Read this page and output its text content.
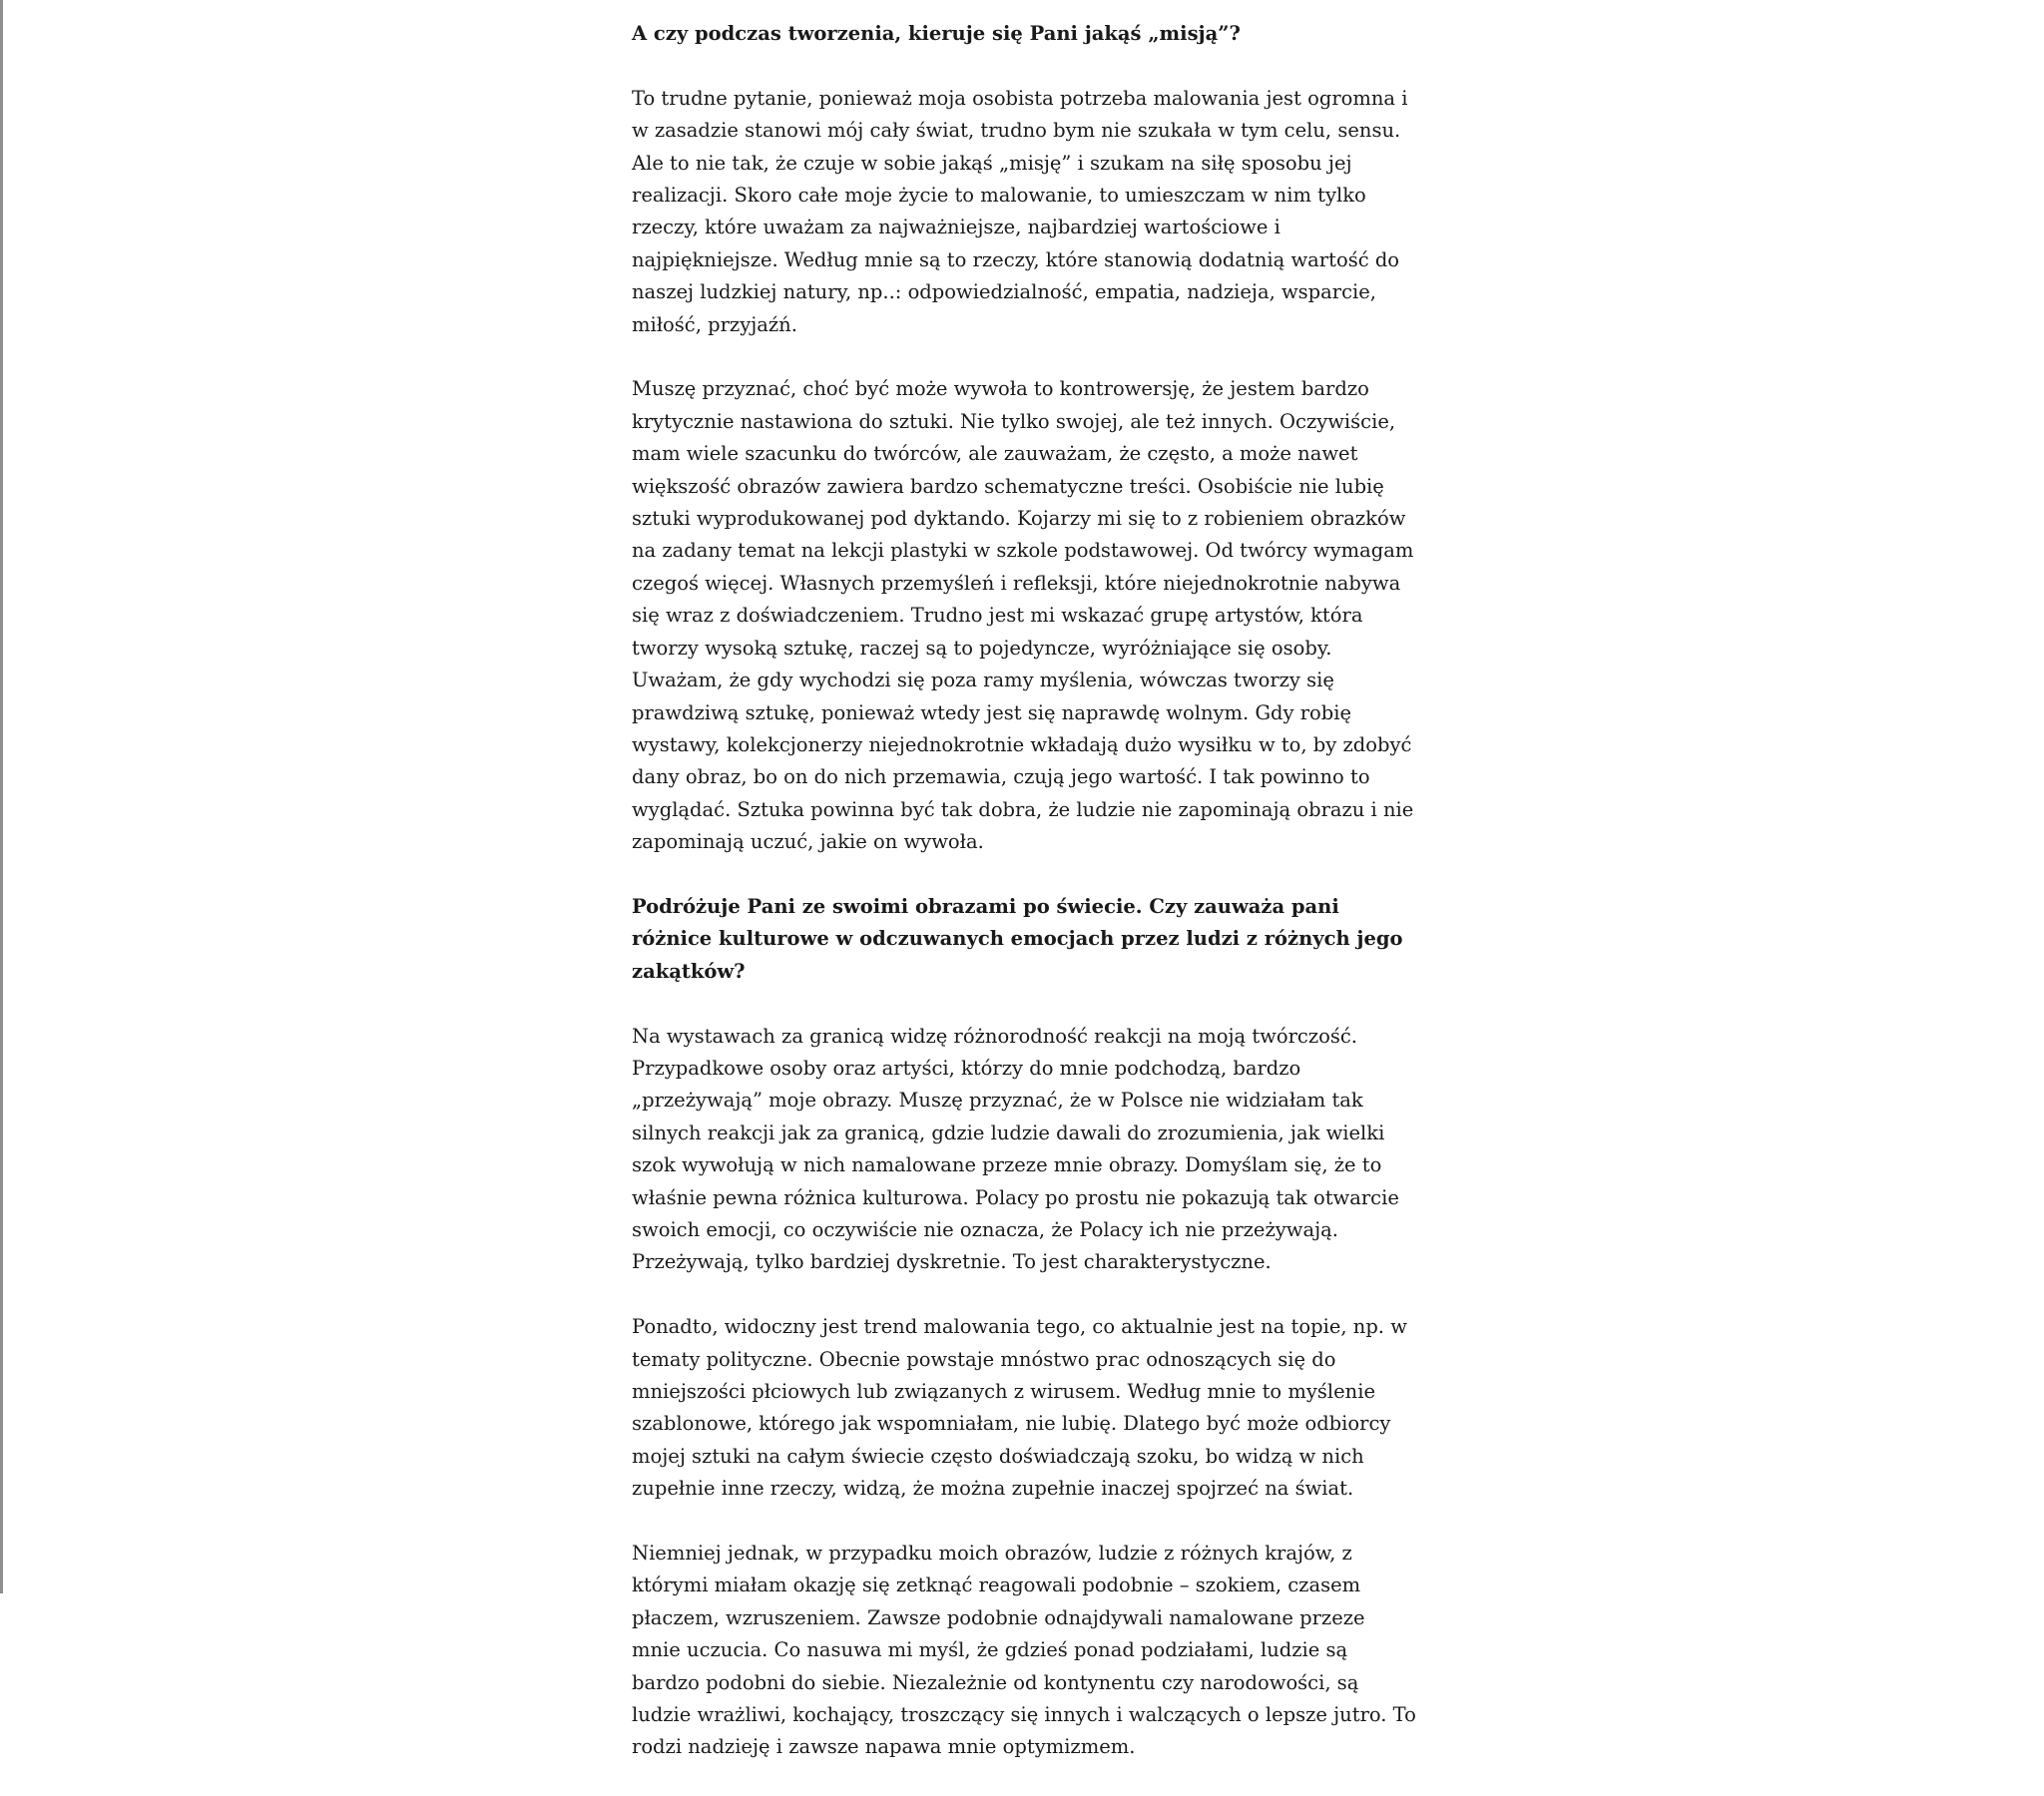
A czy podczas tworzenia, kieruje się Pani jakąś „misją”?

To trudne pytanie, ponieważ moja osobista potrzeba malowania jest ogromna i w zasadzie stanowi mój cały świat, trudno bym nie szukała w tym celu, sensu. Ale to nie tak, że czuje w sobie jakąś „misję” i szukam na siłę sposobu jej realizacji. Skoro całe moje życie to malowanie, to umieszczam w nim tylko rzeczy, które uważam za najważniejsze, najbardziej wartościowe i najpiękniejsze. Według mnie są to rzeczy, które stanowią dodatnią wartość do naszej ludzkiej natury, np..: odpowiedzialność, empatia, nadzieja, wsparcie, miłość, przyjaźń.

Muszę przyznać, choć być może wywoła to kontrowersję, że jestem bardzo krytycznie nastawiona do sztuki. Nie tylko swojej, ale też innych. Oczywiście, mam wiele szacunku do twórców, ale zauważam, że często, a może nawet większość obrazów zawiera bardzo schematyczne treści. Osobiście nie lubię sztuki wyprodukowanej pod dyktando. Kojarzy mi się to z robieniem obrazków na zadany temat na lekcji plastyki w szkole podstawowej. Od twórcy wymagam czegoś więcej. Własnych przemyśleń i refleksji, które niejednokrotnie nabywa się wraz z doświadczeniem. Trudno jest mi wskazać grupę artystów, która tworzy wysoką sztukę, raczej są to pojedyncze, wyróżniające się osoby. Uważam, że gdy wychodzi się poza ramy myślenia, wówczas tworzy się prawdziwą sztukę, ponieważ wtedy jest się naprawdę wolnym. Gdy robię wystawy, kolekcjonerzy niejednokrotnie wkładają dużo wysiłku w to, by zdobyć dany obraz, bo on do nich przemawia, czują jego wartość. I tak powinno to wyglądać. Sztuka powinna być tak dobra, że ludzie nie zapominają obrazu i nie zapominają uczuć, jakie on wywoła.

Podróżuje Pani ze swoimi obrazami po świecie. Czy zauważa pani różnice kulturowe w odczuwanych emocjach przez ludzi z różnych jego zakątków?

Na wystawach za granicą widzę różnorodność reakcji na moją twórczość. Przypadkowe osoby oraz artyści, którzy do mnie podchodzą, bardzo „przeżywają” moje obrazy. Muszę przyznać, że w Polsce nie widziałam tak silnych reakcji jak za granicą, gdzie ludzie dawali do zrozumienia, jak wielki szok wywołują w nich namalowane przeze mnie obrazy. Domyślam się, że to właśnie pewna różnica kulturowa. Polacy po prostu nie pokazują tak otwarcie swoich emocji, co oczywiście nie oznacza, że Polacy ich nie przeżywają. Przeżywają, tylko bardziej dyskretnie. To jest charakterystyczne.

Ponadto, widoczny jest trend malowania tego, co aktualnie jest na topie, np. w tematy polityczne. Obecnie powstaje mnóstwo prac odnoszących się do mniejszości płciowych lub związanych z wirusem. Według mnie to myślenie szablonowe, którego jak wspomniałam, nie lubię. Dlatego być może odbiorcy mojej sztuki na całym świecie często doświadczają szoku, bo widzą w nich zupełnie inne rzeczy, widzą, że można zupełnie inaczej spojrzeć na świat.

Niemniej jednak, w przypadku moich obrazów, ludzie z różnych krajów, z którymi miałam okazję się zetknąć reagowali podobnie – szokiem, czasem płaczem, wzruszeniem. Zawsze podobnie odnajdywali namalowane przeze mnie uczucia. Co nasuwa mi myśl, że gdzieś ponad podziałami, ludzie są bardzo podobni do siebie. Niezależnie od kontynentu czy narodowości, są ludzie wrażliwi, kochający, troszczący się innych i walczących o lepsze jutro. To rodzi nadzieję i zawsze napawa mnie optymizmem.
